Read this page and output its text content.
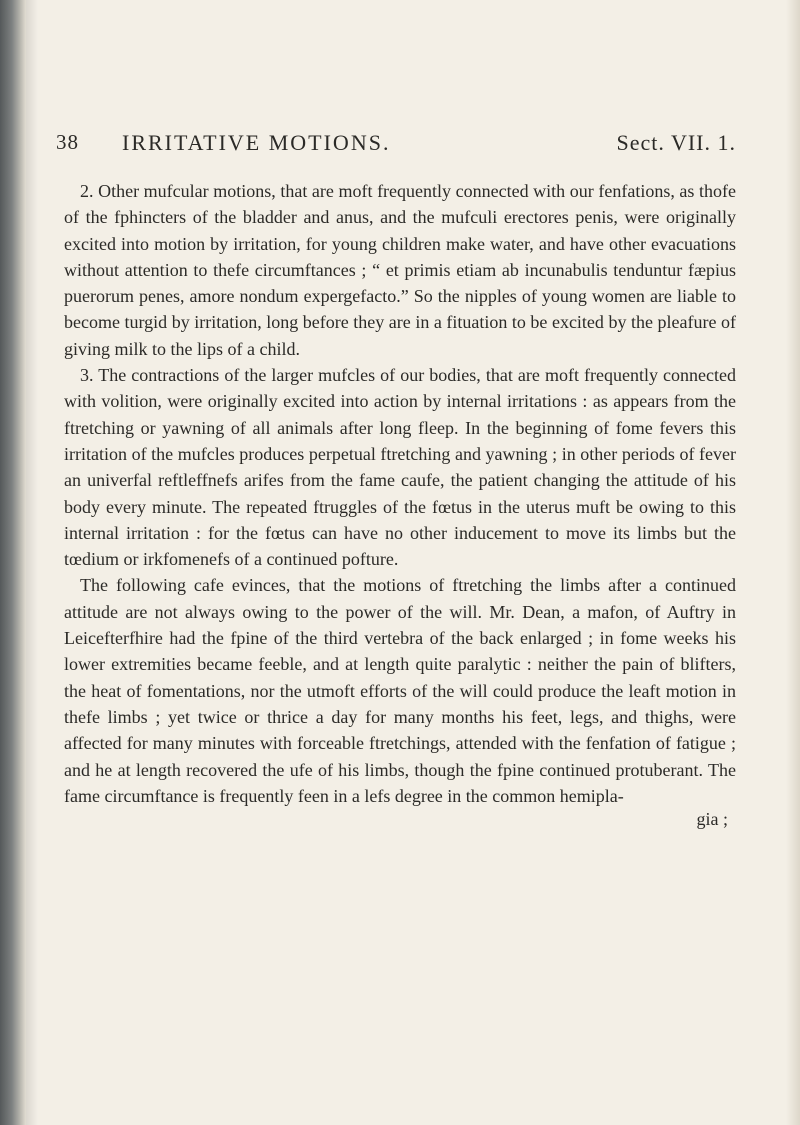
38 IRRITATIVE MOTIONS.	Sect. VII. 1.

2. Other mufcular motions, that are moft frequently connected with our fenfations, as thofe of the fphincters of the bladder and anus, and the mufculi erectores penis, were originally excited into motion by irritation, for young children make water, and have other evacuations without attention to thefe circumftances ; “ et primis etiam ab incunabulis tenduntur fæpius puerorum penes, amore nondum expergefacto.” So the nipples of young women are liable to become turgid by irritation, long before they are in a fituation to be excited by the pleafure of giving milk to the lips of a child.

3. The contractions of the larger mufcles of our bodies, that are moft frequently connected with volition, were originally excited into action by internal irritations : as appears from the ftretching or yawning of all animals after long fleep. In the beginning of fome fevers this irritation of the mufcles produces perpetual ftretching and yawning ; in other periods of fever an univerfal reftleffnefs arifes from the fame caufe, the patient changing the attitude of his body every minute. The repeated ftruggles of the fœtus in the uterus muft be owing to this internal irritation : for the fœtus can have no other inducement to move its limbs but the tœdium or irkfomenefs of a continued pofture.

The following cafe evinces, that the motions of ftretching the limbs after a continued attitude are not always owing to the power of the will. Mr. Dean, a mafon, of Auftry in Leicefterfhire had the fpine of the third vertebra of the back enlarged ; in fome weeks his lower extremities became feeble, and at length quite paralytic : neither the pain of blifters, the heat of fomentations, nor the utmoft efforts of the will could produce the leaft motion in thefe limbs ; yet twice or thrice a day for many months his feet, legs, and thighs, were affected for many minutes with forceable ftretchings, attended with the fenfation of fatigue ; and he at length recovered the ufe of his limbs, though the fpine continued protuberant. The fame circumftance is frequently feen in a lefs degree in the common hemipla-

gia ;
